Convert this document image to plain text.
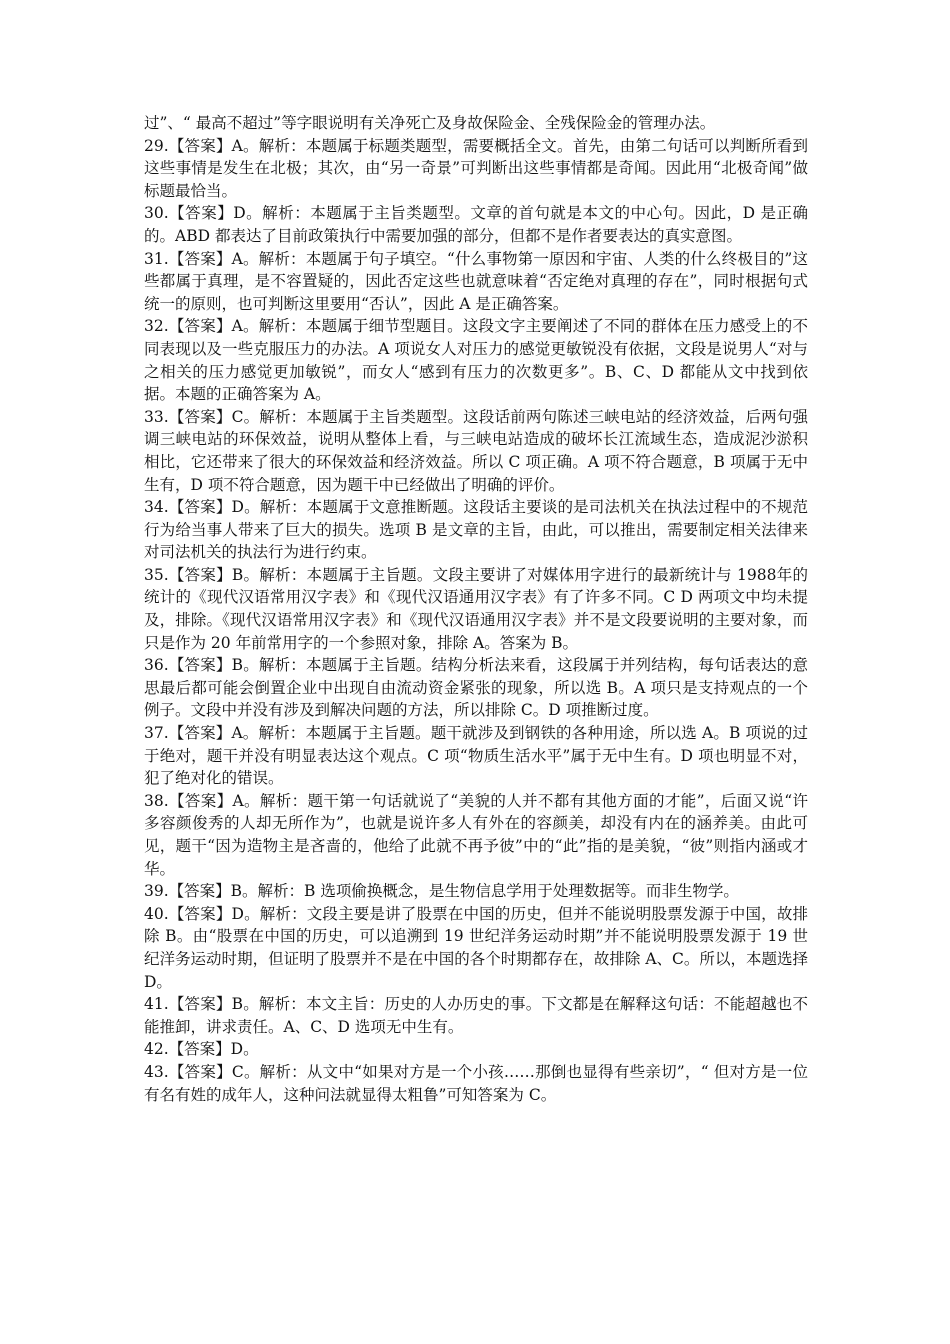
过”、“ 最高不超过”等字眼说明有关净死亡及身故保险金、全残保险金的管理办法。

29.【答案】A。解析：本题属于标题类题型，需要概括全文。首先，由第二句话可以判断所看到这些事情是发生在北极；其次，由“另一奇景”可判断出这些事情都是奇闻。因此用“北极奇闻”做标题最恰当。

30.【答案】D。解析：本题属于主旨类题型。文章的首句就是本文的中心句。因此，D 是正确的。ABD 都表达了目前政策执行中需要加强的部分，但都不是作者要表达的真实意图。

31.【答案】A。解析：本题属于句子填空。“什么事物第一原因和宇宙、人类的什么终极目的”这些都属于真理，是不容置疑的，因此否定这些也就意味着“否定绝对真理的存在”，同时根据句式统一的原则，也可判断这里要用“否认”，因此 A 是正确答案。

32.【答案】A。解析：本题属于细节型题目。这段文字主要阐述了不同的群体在压力感受上的不同表现以及一些克服压力的办法。A 项说女人对压力的感觉更敏锐没有依据，文段是说男人“对与之相关的压力感觉更加敏锐”，而女人“感到有压力的次数更多”。B、C、D 都能从文中找到依据。本题的正确答案为 A。

33.【答案】C。解析：本题属于主旨类题型。这段话前两句陈述三峡电站的经济效益，后两句强调三峡电站的环保效益，说明从整体上看，与三峡电站造成的破坏长江流域生态，造成泥沙淤积相比，它还带来了很大的环保效益和经济效益。所以 C 项正确。A 项不符合题意，B 项属于无中生有，D 项不符合题意，因为题干中已经做出了明确的评价。

34.【答案】D。解析：本题属于文意推断题。这段话主要谈的是司法机关在执法过程中的不规范行为给当事人带来了巨大的损失。选项 B 是文章的主旨，由此，可以推出，需要制定相关法律来对司法机关的执法行为进行约束。

35.【答案】B。解析：本题属于主旨题。文段主要讲了对媒体用字进行的最新统计与 1988年的统计的《现代汉语常用汉字表》和《现代汉语通用汉字表》有了许多不同。C D 两项文中均未提及，排除。《现代汉语常用汉字表》和《现代汉语通用汉字表》并不是文段要说明的主要对象，而只是作为 20 年前常用字的一个参照对象，排除 A。答案为 B。

36.【答案】B。解析：本题属于主旨题。结构分析法来看，这段属于并列结构，每句话表达的意思最后都可能会倒置企业中出现自由流动资金紧张的现象，所以选 B。A 项只是支持观点的一个例子。文段中并没有涉及到解决问题的方法，所以排除 C。D 项推断过度。

37.【答案】A。解析：本题属于主旨题。题干就涉及到钢铁的各种用途，所以选 A。B 项说的过于绝对，题干并没有明显表达这个观点。C 项“物质生活水平”属于无中生有。D 项也明显不对，犯了绝对化的错误。

38.【答案】A。解析：题干第一句话就说了“美貌的人并不都有其他方面的才能”，后面又说“许多容颜俊秀的人却无所作为”，也就是说许多人有外在的容颜美，却没有内在的涵养美。由此可见，题干“因为造物主是吝啬的，他给了此就不再予彼”中的“此”指的是美貌，“彼”则指内涵或才华。

39.【答案】B。解析：B 选项偷换概念，是生物信息学用于处理数据等。而非生物学。

40.【答案】D。解析：文段主要是讲了股票在中国的历史，但并不能说明股票发源于中国，故排除 B。由“股票在中国的历史，可以追溯到 19 世纪洋务运动时期”并不能说明股票发源于 19 世纪洋务运动时期，但证明了股票并不是在中国的各个时期都存在，故排除 A、C。所以，本题选择 D。

41.【答案】B。解析：本文主旨：历史的人办历史的事。下文都是在解释这句话：不能超越也不能推卸，讲求责任。A、C、D 选项无中生有。

42.【答案】D。

43.【答案】C。解析：从文中“如果对方是一个小孩……那倒也显得有些亲切”，“ 但对方是一位有名有姓的成年人，这种问法就显得太粗鲁”可知答案为 C。
